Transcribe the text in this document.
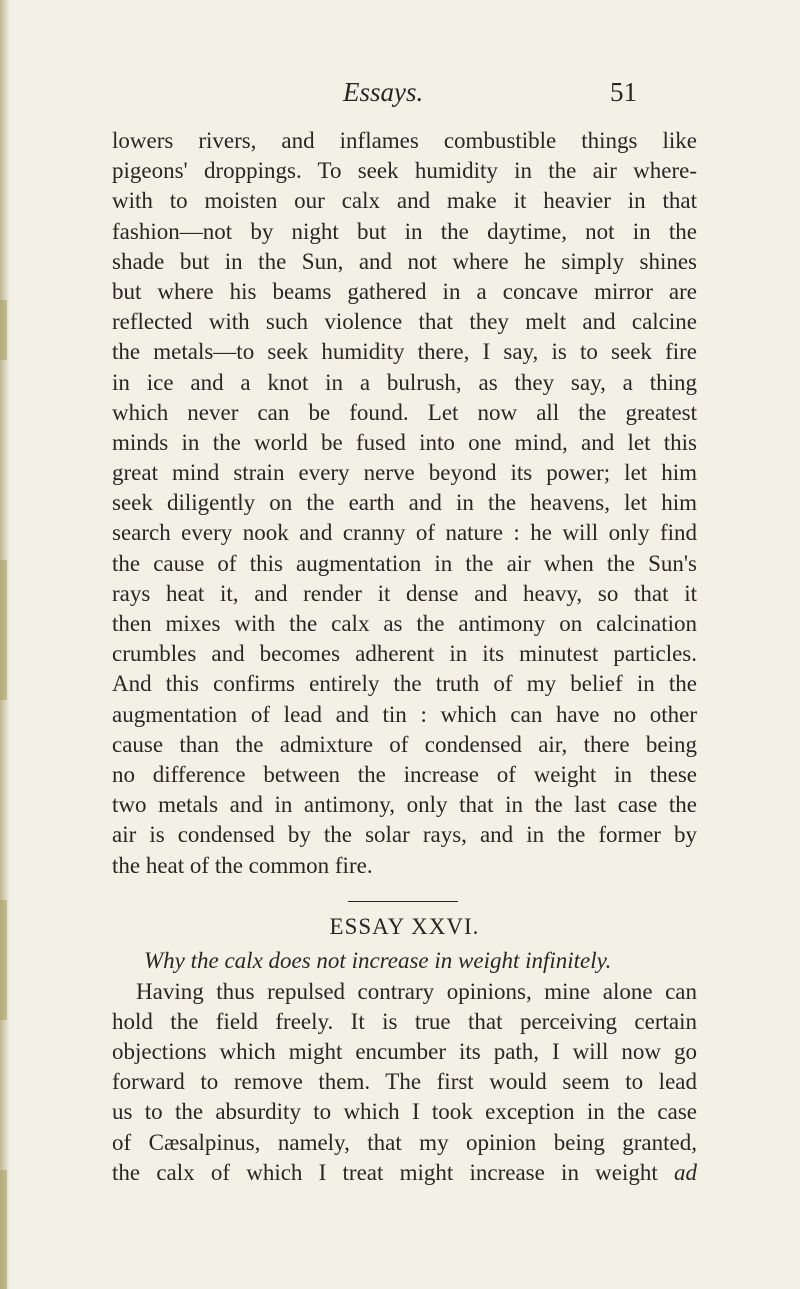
Essays.	51
lowers rivers, and inflames combustible things like
pigeons' droppings. To seek humidity in the air where-
with to moisten our calx and make it heavier in that
fashion—not by night but in the daytime, not in the
shade but in the Sun, and not where he simply shines
but where his beams gathered in a concave mirror are
reflected with such violence that they melt and calcine
the metals—to seek humidity there, I say, is to seek fire
in ice and a knot in a bulrush, as they say, a thing
which never can be found. Let now all the greatest
minds in the world be fused into one mind, and let this
great mind strain every nerve beyond its power; let him
seek diligently on the earth and in the heavens, let him
search every nook and cranny of nature : he will only find
the cause of this augmentation in the air when the Sun's
rays heat it, and render it dense and heavy, so that it
then mixes with the calx as the antimony on calcination
crumbles and becomes adherent in its minutest particles.
And this confirms entirely the truth of my belief in the
augmentation of lead and tin : which can have no other
cause than the admixture of condensed air, there being
no difference between the increase of weight in these
two metals and in antimony, only that in the last case the
air is condensed by the solar rays, and in the former by
the heat of the common fire.
ESSAY XXVI.
Why the calx does not increase in weight infinitely.
Having thus repulsed contrary opinions, mine alone can
hold the field freely. It is true that perceiving certain
objections which might encumber its path, I will now go
forward to remove them. The first would seem to lead
us to the absurdity to which I took exception in the case
of Cæsalpinus, namely, that my opinion being granted,
the calx of which I treat might increase in weight ad
